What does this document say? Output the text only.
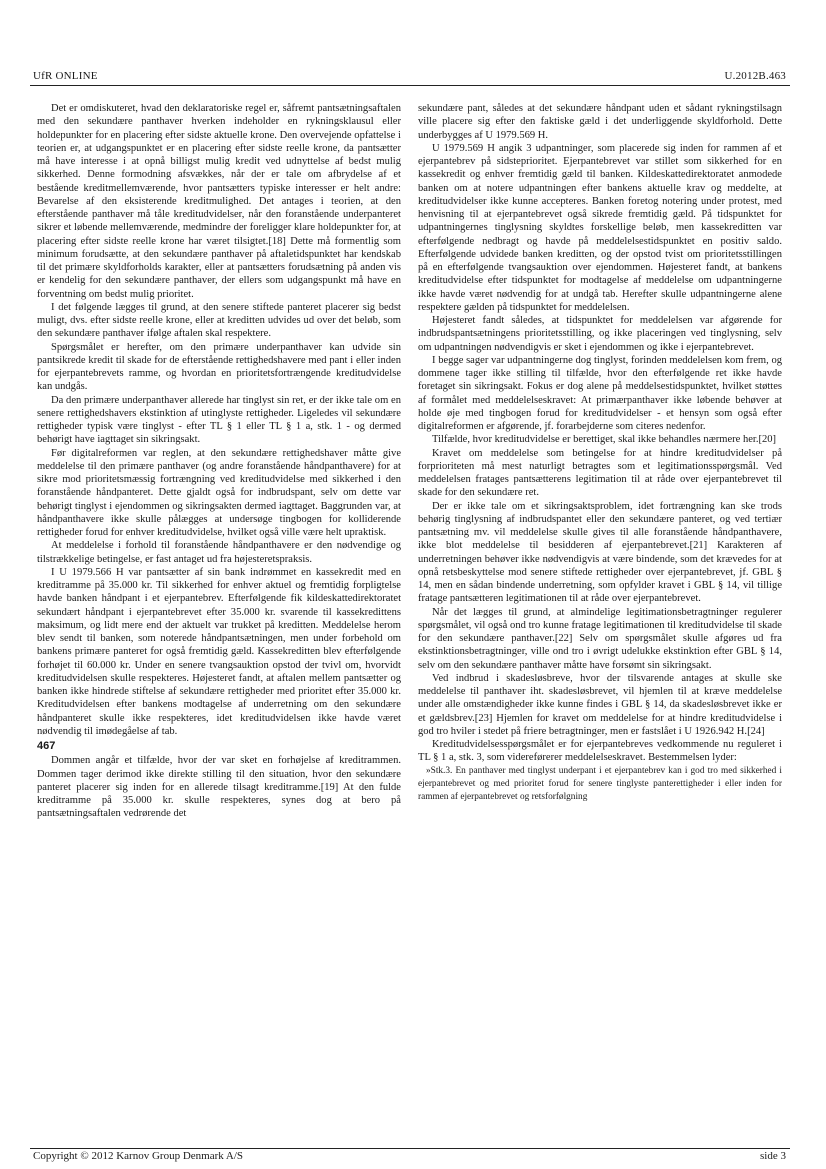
UfR ONLINE	U.2012B.463

Det er omdiskuteret, hvad den deklaratoriske regel er, såfremt pantsætningsaftalen med den sekundære panthaver hverken indeholder en rykningsklausul eller holdepunkter for en placering efter sidste aktuelle krone. Den overvejende opfattelse i teorien er, at udgangspunktet er en placering efter sidste reelle krone, da pantsætter må have interesse i at opnå billigst mulig kredit ved udnyttelse af bedst mulig sikkerhed. Denne formodning afsvækkes, når der er tale om afbrydelse af et bestående kreditmellemværende, hvor pantsætters typiske interesser er helt andre: Bevarelse af den eksisterende kreditmulighed. Det antages i teorien, at den efterstående panthaver må tåle kreditudvidelser, når den foranstående underpanteret sikrer et løbende mellemværende, medmindre der foreligger klare holdepunkter for, at placering efter sidste reelle krone har været tilsigtet.[18] Dette må formentlig som minimum forudsætte, at den sekundære panthaver på aftaletidspunktet har kendskab til det primære skyldforholds karakter, eller at pantsætters forudsætning på anden vis er kendelig for den sekundære panthaver, der ellers som udgangspunkt må have en forventning om bedst mulig prioritet.

I det følgende lægges til grund, at den senere stiftede panteret placerer sig bedst muligt, dvs. efter sidste reelle krone, eller at kreditten udvides ud over det beløb, som den sekundære panthaver ifølge aftalen skal respektere.

Spørgsmålet er herefter, om den primære underpanthaver kan udvide sin pantsikrede kredit til skade for de efterstående rettighedshavere med pant i eller inden for ejerpantebrevets ramme, og hvordan en prioritetsfortrængende kreditudvidelse kan undgås.

Da den primære underpanthaver allerede har tinglyst sin ret, er der ikke tale om en senere rettighedshavers ekstinktion af utinglyste rettigheder. Ligeledes vil sekundære rettigheder typisk være tinglyst - efter TL § 1 eller TL § 1 a, stk. 1 - og dermed behørigt have iagttaget sin sikringsakt.

Før digitalreformen var reglen, at den sekundære rettighedshaver måtte give meddelelse til den primære panthaver (og andre foranstående håndpanthavere) for at sikre mod prioritetsmæssig fortrængning ved kreditudvidelse med sikkerhed i den foranstående håndpanteret. Dette gjaldt også for indbrudspant, selv om dette var behørigt tinglyst i ejendommen og sikringsakten dermed iagttaget. Baggrunden var, at håndpanthavere ikke skulle pålægges at undersøge tingbogen for kolliderende rettigheder forud for enhver kreditudvidelse, hvilket også ville være helt upraktisk.

At meddelelse i forhold til foranstående håndpanthavere er den nødvendige og tilstrækkelige betingelse, er fast antaget ud fra højesteretspraksis.

I U 1979.566 H var pantsætter af sin bank indrømmet en kassekredit med en kreditramme på 35.000 kr. Til sikkerhed for enhver aktuel og fremtidig forpligtelse havde banken håndpant i et ejerpantebrev. Efterfølgende fik kildeskattedirektoratet sekundært håndpant i ejerpantebrevet efter 35.000 kr. svarende til kassekredittens maksimum, og lidt mere end der aktuelt var trukket på kreditten. Meddelelse herom blev sendt til banken, som noterede håndpantsætningen, men under forbehold om bankens primære panteret for også fremtidig gæld. Kassekreditten blev efterfølgende forhøjet til 60.000 kr. Under en senere tvangsauktion opstod der tvivl om, hvorvidt kreditudvidelsen skulle respekteres. Højesteret fandt, at aftalen mellem pantsætter og banken ikke hindrede stiftelse af sekundære rettigheder med prioritet efter 35.000 kr. Kreditudvidelsen efter bankens modtagelse af underretning om den sekundære håndpanteret skulle ikke respekteres, idet kreditudvidelsen ikke havde været nødvendig til imødegåelse af tab.

467

Dommen angår et tilfælde, hvor der var sket en forhøjelse af kreditrammen. Dommen tager derimod ikke direkte stilling til den situation, hvor den sekundære panteret placerer sig inden for en allerede tilsagt kreditramme.[19] At den fulde kreditramme på 35.000 kr. skulle respekteres, synes dog at bero på pantsætningsaftalen vedrørende det

sekundære pant, således at det sekundære håndpant uden et sådant rykningstilsagn ville placere sig efter den faktiske gæld i det underliggende skyldforhold. Dette underbygges af U 1979.569 H.

U 1979.569 H angik 3 udpantninger, som placerede sig inden for rammen af et ejerpantebrev på sidsteprioritet. Ejerpantebrevet var stillet som sikkerhed for en kassekredit og enhver fremtidig gæld til banken. Kildeskattedirektoratet anmodede banken om at notere udpantningen efter bankens aktuelle krav og meddelte, at kreditudvidelser ikke kunne accepteres. Banken foretog notering under protest, med henvisning til at ejerpantebrevet også sikrede fremtidig gæld. På tidspunktet for udpantningernes tinglysning skyldtes forskellige beløb, men kassekreditten var efterfølgende nedbragt og havde på meddelelsestidspunktet en positiv saldo. Efterfølgende udvidede banken kreditten, og der opstod tvist om prioritetsstillingen på en efterfølgende tvangsauktion over ejendommen. Højesteret fandt, at bankens kreditudvidelse efter tidspunktet for modtagelse af meddelelse om udpantningerne ikke havde været nødvendig for at undgå tab. Herefter skulle udpantningerne alene respektere gælden på tidspunktet for meddelelsen.

Højesteret fandt således, at tidspunktet for meddelelsen var afgørende for indbrudspantsætningens prioritetsstilling, og ikke placeringen ved tinglysning, selv om udpantningen nødvendigvis er sket i ejendommen og ikke i ejerpantebrevet.

I begge sager var udpantningerne dog tinglyst, forinden meddelelsen kom frem, og dommene tager ikke stilling til tilfælde, hvor den efterfølgende ret ikke havde foretaget sin sikringsakt. Fokus er dog alene på meddelsestidspunktet, hvilket støttes af formålet med meddelelseskravet: At primærpanthaver ikke løbende behøver at holde øje med tingbogen forud for kreditudvidelser - et hensyn som også efter digitalreformen er afgørende, jf. forarbejderne som citeres nedenfor.

Tilfælde, hvor kreditudvidelse er berettiget, skal ikke behandles nærmere her.[20]

Kravet om meddelelse som betingelse for at hindre kreditudvidelser på forprioriteten må mest naturligt betragtes som et legitimationsspørgsmål. Ved meddelelsen fratages pantsætterens legitimation til at råde over ejerpantebrevet til skade for den sekundære ret.

Der er ikke tale om et sikringsaktsproblem, idet fortrængning kan ske trods behørig tinglysning af indbrudspantet eller den sekundære panteret, og ved tertiær pantsætning mv. vil meddelelse skulle gives til alle foranstående håndpanthavere, ikke blot meddelelse til besidderen af ejerpantebrevet.[21] Karakteren af underretningen behøver ikke nødvendigvis at være bindende, som det krævedes for at opnå retsbeskyttelse mod senere stiftede rettigheder over ejerpantebrevet, jf. GBL § 14, men en sådan bindende underretning, som opfylder kravet i GBL § 14, vil tillige fratage pantsætteren legitimationen til at råde over ejerpantebrevet.

Når det lægges til grund, at almindelige legitimationsbetragtninger regulerer spørgsmålet, vil også ond tro kunne fratage legitimationen til kreditudvidelse til skade for den sekundære panthaver.[22] Selv om spørgsmålet skulle afgøres ud fra ekstinktionsbetragtninger, ville ond tro i øvrigt udelukke ekstinktion efter GBL § 14, selv om den sekundære panthaver måtte have forsømt sin sikringsakt.

Ved indbrud i skadesløsbreve, hvor der tilsvarende antages at skulle ske meddelelse til panthaver iht. skadesløsbrevet, vil hjemlen til at kræve meddelelse under alle omstændigheder ikke kunne findes i GBL § 14, da skadesløsbrevet ikke er et gældsbrev.[23] Hjemlen for kravet om meddelelse for at hindre kreditudvidelse i god tro hviler i stedet på friere betragtninger, men er fastslået i U 1926.942 H.[24]

Kreditudvidelsesspørgsmålet er for ejerpantebreves vedkommende nu reguleret i TL § 1 a, stk. 3, som videreførerer meddelelseskravet. Bestemmelsen lyder:

»Stk.3. En panthaver med tinglyst underpant i et ejerpantebrev kan i god tro med sikkerhed i ejerpantebrevet og med prioritet forud for senere tinglyste panterettigheder i eller inden for rammen af ejerpantebrevet og retsforfølgning

Copyright © 2012 Karnov Group Denmark A/S	side 3
